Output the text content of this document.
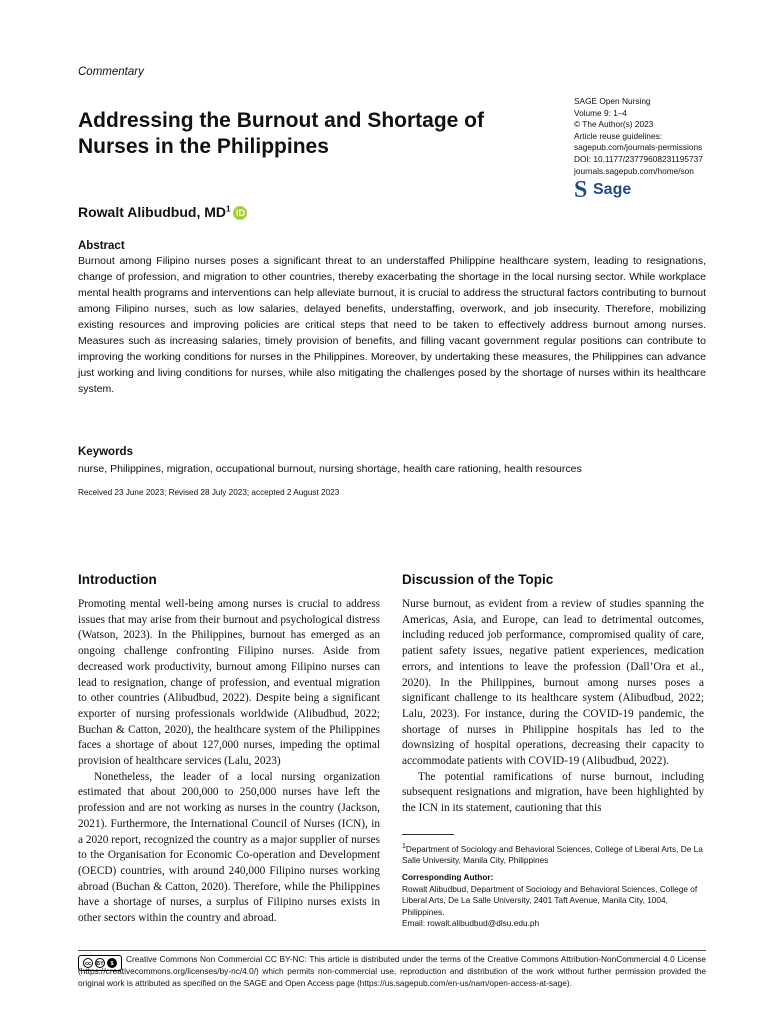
Commentary
Addressing the Burnout and Shortage of Nurses in the Philippines
Rowalt Alibudbud, $MD^1$ iD
SAGE Open Nursing
Volume 9: 1–4
© The Author(s) 2023
Article reuse guidelines:
sagepub.com/journals-permissions
DOI: 10.1177/23779608231195737
journals.sagepub.com/home/son
S Sage
Abstract
Burnout among Filipino nurses poses a significant threat to an understaffed Philippine healthcare system, leading to resignations, change of profession, and migration to other countries, thereby exacerbating the shortage in the local nursing sector. While workplace mental health programs and interventions can help alleviate burnout, it is crucial to address the structural factors contributing to burnout among Filipino nurses, such as low salaries, delayed benefits, understaffing, overwork, and job insecurity. Therefore, mobilizing existing resources and improving policies are critical steps that need to be taken to effectively address burnout among nurses. Measures such as increasing salaries, timely provision of benefits, and filling vacant government regular positions can contribute to improving the working conditions for nurses in the Philippines. Moreover, by undertaking these measures, the Philippines can advance just working and living conditions for nurses, while also mitigating the challenges posed by the shortage of nurses within its healthcare system.
Keywords
nurse, Philippines, migration, occupational burnout, nursing shortage, health care rationing, health resources
Received 23 June 2023; Revised 28 July 2023; accepted 2 August 2023
Introduction	Discussion of the Topic

Promoting mental well-being among nurses is crucial to address issues that may arise from their burnout and psychological distress (Watson, 2023). In the Philippines, burnout has emerged as an ongoing challenge confronting Filipino nurses. Aside from decreased work productivity, burnout among Filipino nurses can lead to resignation, change of profession, and eventual migration to other countries (Alibudbud, 2022). Despite being a significant exporter of nursing professionals worldwide (Alibudbud, 2022; Buchan & Catton, 2020), the healthcare system of the Philippines faces a shortage of about 127,000 nurses, impeding the optimal provision of healthcare services (Lalu, 2023)

Nonetheless, the leader of a local nursing organization estimated that about 200,000 to 250,000 nurses have left the profession and are not working as nurses in the country (Jackson, 2021). Furthermore, the International Council of Nurses (ICN), in a 2020 report, recognized the country as a major supplier of nurses to the Organisation for Economic Co-operation and Development (OECD) countries, with around 240,000 Filipino nurses working abroad (Buchan & Catton, 2020). Therefore, while the Philippines have a shortage of nurses, a surplus of Filipino nurses exists in other sectors within the country and abroad.

Nurse burnout, as evident from a review of studies spanning the Americas, Asia, and Europe, can lead to detrimental outcomes, including reduced job performance, compromised quality of care, patient safety issues, negative patient experiences, medication errors, and intentions to leave the profession (Dall’Ora et al., 2020). In the Philippines, burnout among nurses poses a significant challenge to its healthcare system (Alibudbud, 2022; Lalu, 2023). For instance, during the COVID-19 pandemic, the shortage of nurses in Philippine hospitals has led to the downsizing of hospital operations, decreasing their capacity to accommodate patients with COVID-19 (Alibudbud, 2022).

The potential ramifications of nurse burnout, including subsequent resignations and migration, have been highlighted by the ICN in its statement, cautioning that this

$^1$Department of Sociology and Behavioral Sciences, College of Liberal Arts, De La Salle University, Manila City, Philippines

Corresponding Author:

Rowalt Alibudbud, Department of Sociology and Behavioral Sciences, College of Liberal Arts, De La Salle University, 2401 Taft Avenue, Manila City, 1004, Philippines.

Email: rowalt.alibudbud@dlsu.edu.ph

cc BY	$	Creative Commons Non Commercial CC BY-NC: This article is distributed under the terms of the Creative Commons Attribution-NonCommercial 4.0 License (https://creativecommons.org/licenses/by-nc/4.0/) which permits non-commercial use, reproduction and distribution of the work without further permission provided the original work is attributed as specified on the SAGE and Open Access page (https://us.sagepub.com/en-us/nam/open-access-at-sage).
